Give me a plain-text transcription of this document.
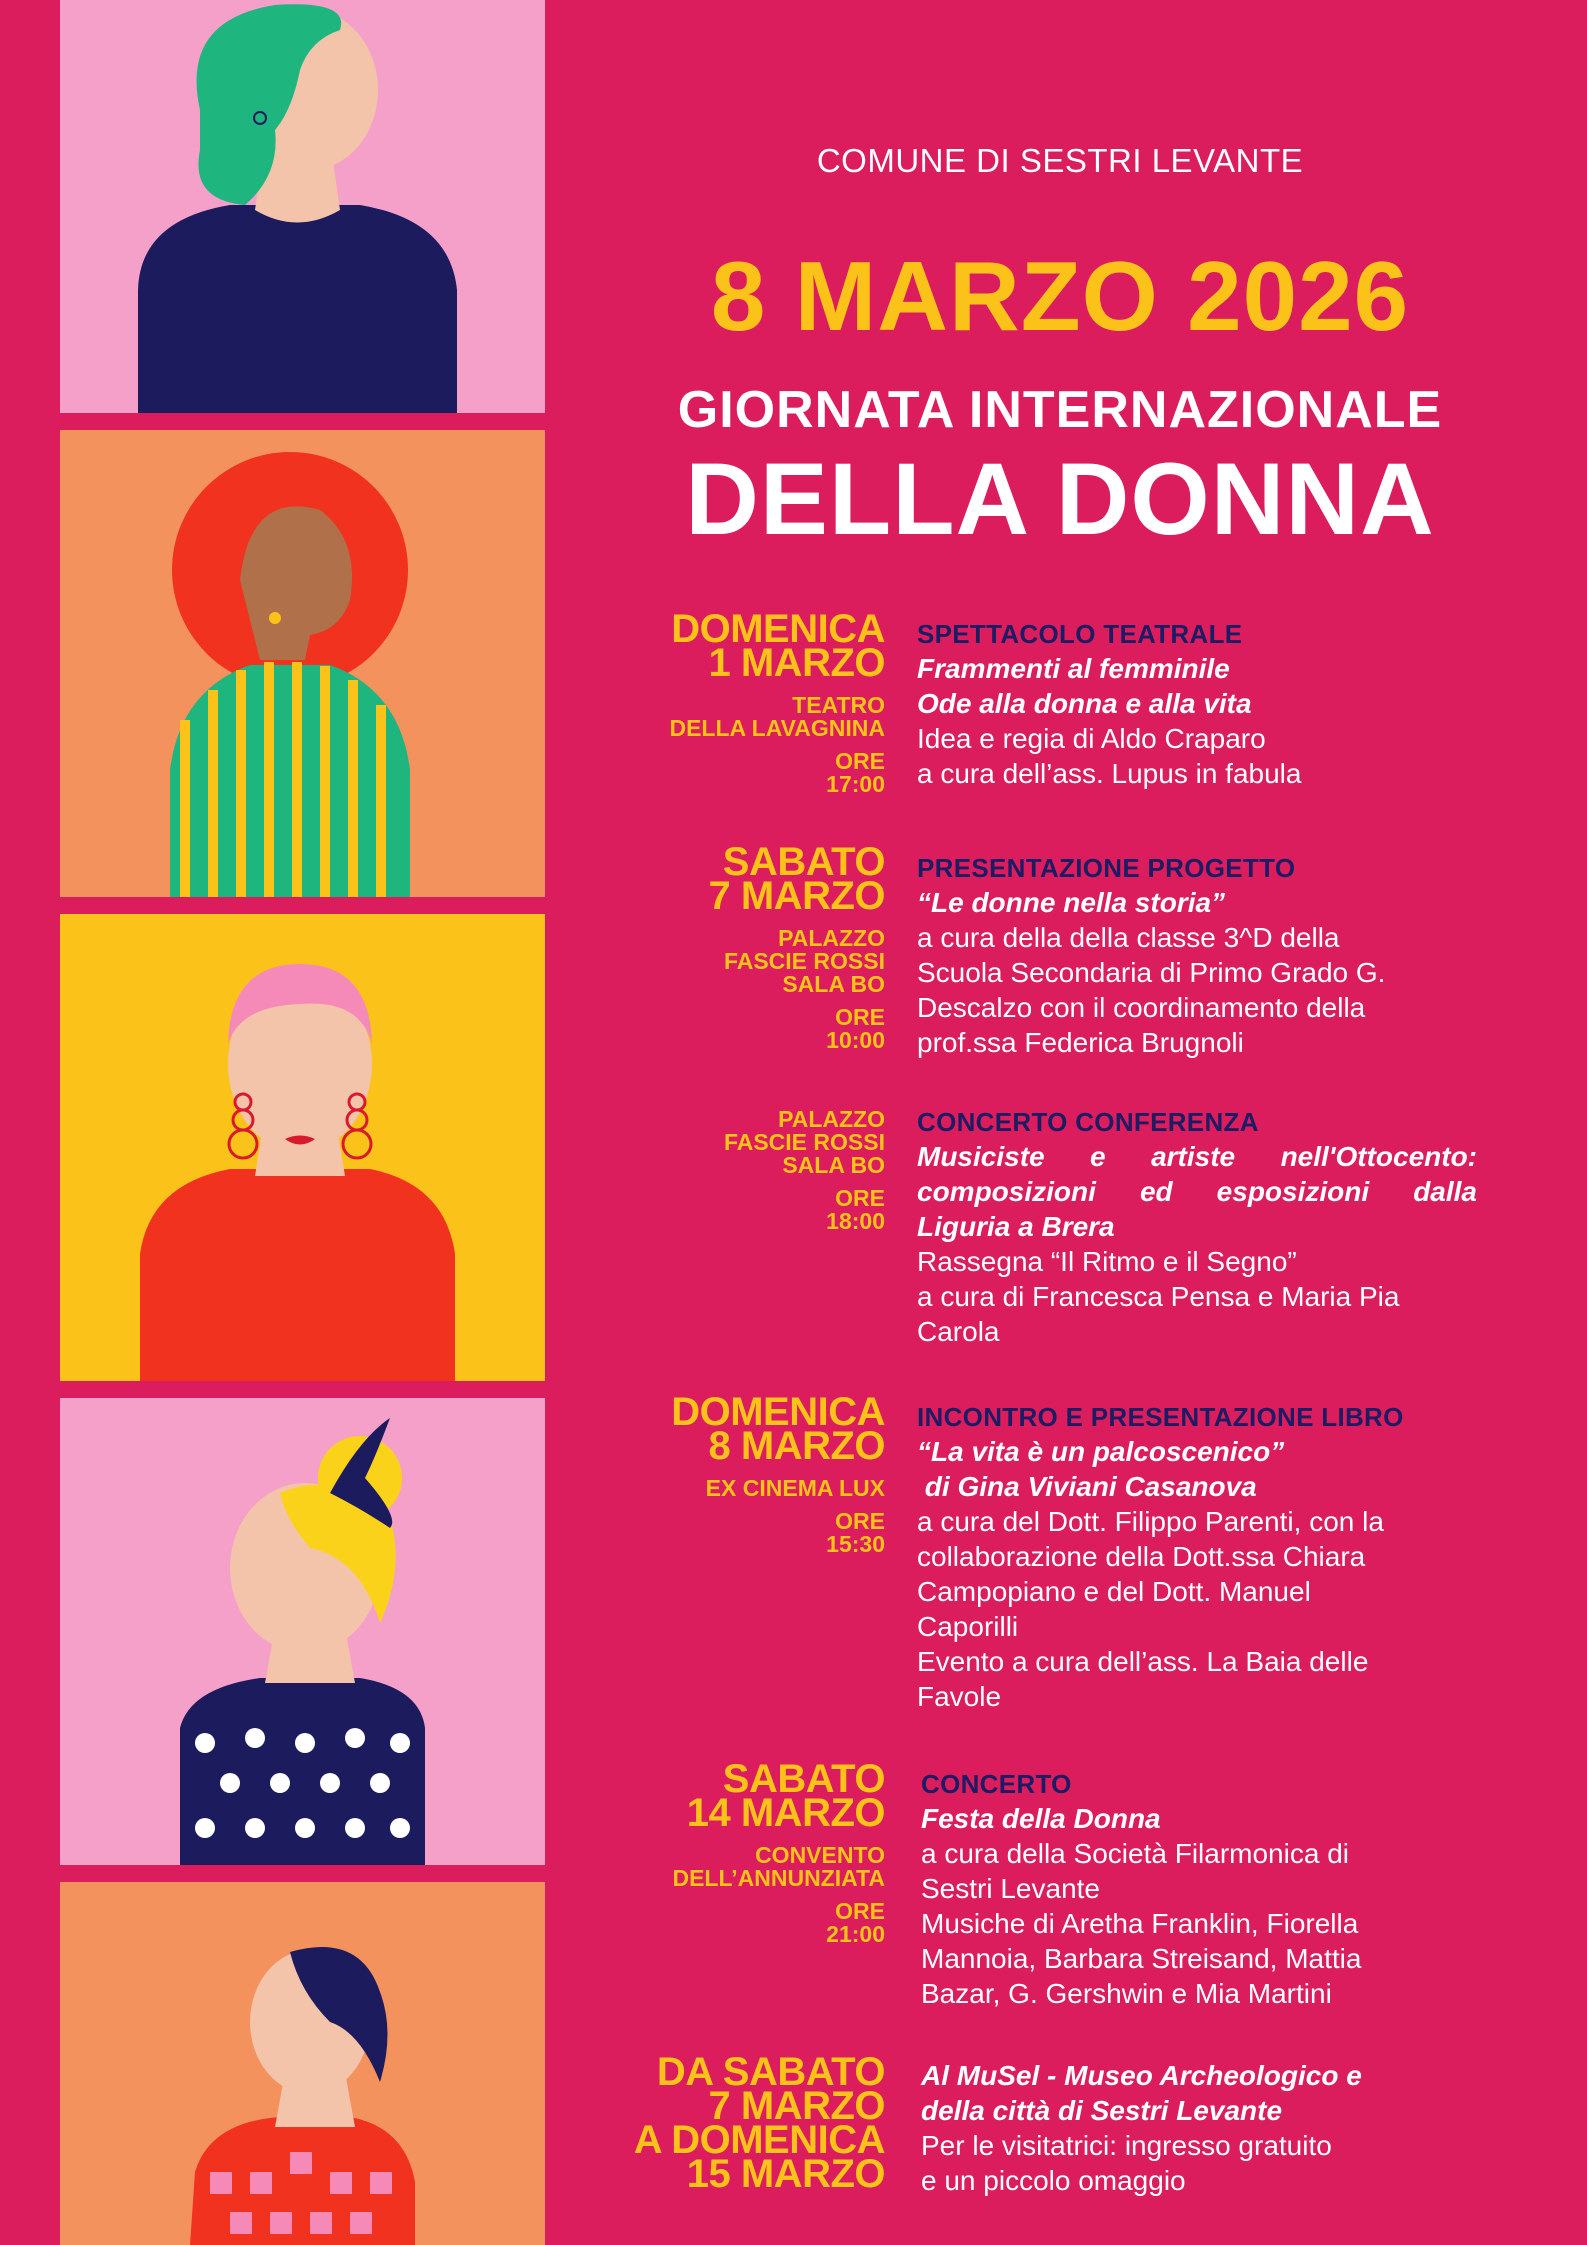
COMUNE DI SESTRI LEVANTE
8 MARZO 2026
GIORNATA INTERNAZIONALE
DELLA DONNA
DOMENICA
1 MARZO
TEATRO
DELLA LAVAGNINA
ORE
17:00
SPETTACOLO TEATRALE
Frammenti al femminile
Ode alla donna e alla vita
Idea e regia di Aldo Craparo
a cura dell’ass. Lupus in fabula
SABATO
7 MARZO
PALAZZO
FASCIE ROSSI
SALA BO
ORE
10:00
PRESENTAZIONE PROGETTO
“Le donne nella storia”
a cura della della classe 3^D della
Scuola Secondaria di Primo Grado G.
Descalzo con il coordinamento della
prof.ssa Federica Brugnoli
PALAZZO
FASCIE ROSSI
SALA BO
ORE
18:00
CONCERTO CONFERENZA
Musiciste e artiste nell'Ottocento:
composizioni ed esposizioni dalla
Liguria a Brera
Rassegna “Il Ritmo e il Segno”
a cura di Francesca Pensa e Maria Pia
Carola
DOMENICA
8 MARZO
EX CINEMA LUX
ORE
15:30
INCONTRO E PRESENTAZIONE LIBRO
“La vita è un palcoscenico”
di Gina Viviani Casanova
a cura del Dott. Filippo Parenti, con la
collaborazione della Dott.ssa Chiara
Campopiano e del Dott. Manuel
Caporilli
Evento a cura dell’ass. La Baia delle
Favole
SABATO
14 MARZO
CONVENTO
DELL’ANNUNZIATA
ORE
21:00
CONCERTO
Festa della Donna
a cura della Società Filarmonica di
Sestri Levante
Musiche di Aretha Franklin, Fiorella
Mannoia, Barbara Streisand, Mattia
Bazar, G. Gershwin e Mia Martini
DA SABATO
7 MARZO
A DOMENICA
15 MARZO
Al MuSel - Museo Archeologico e
della città di Sestri Levante
Per le visitatrici: ingresso gratuito
e un piccolo omaggio
